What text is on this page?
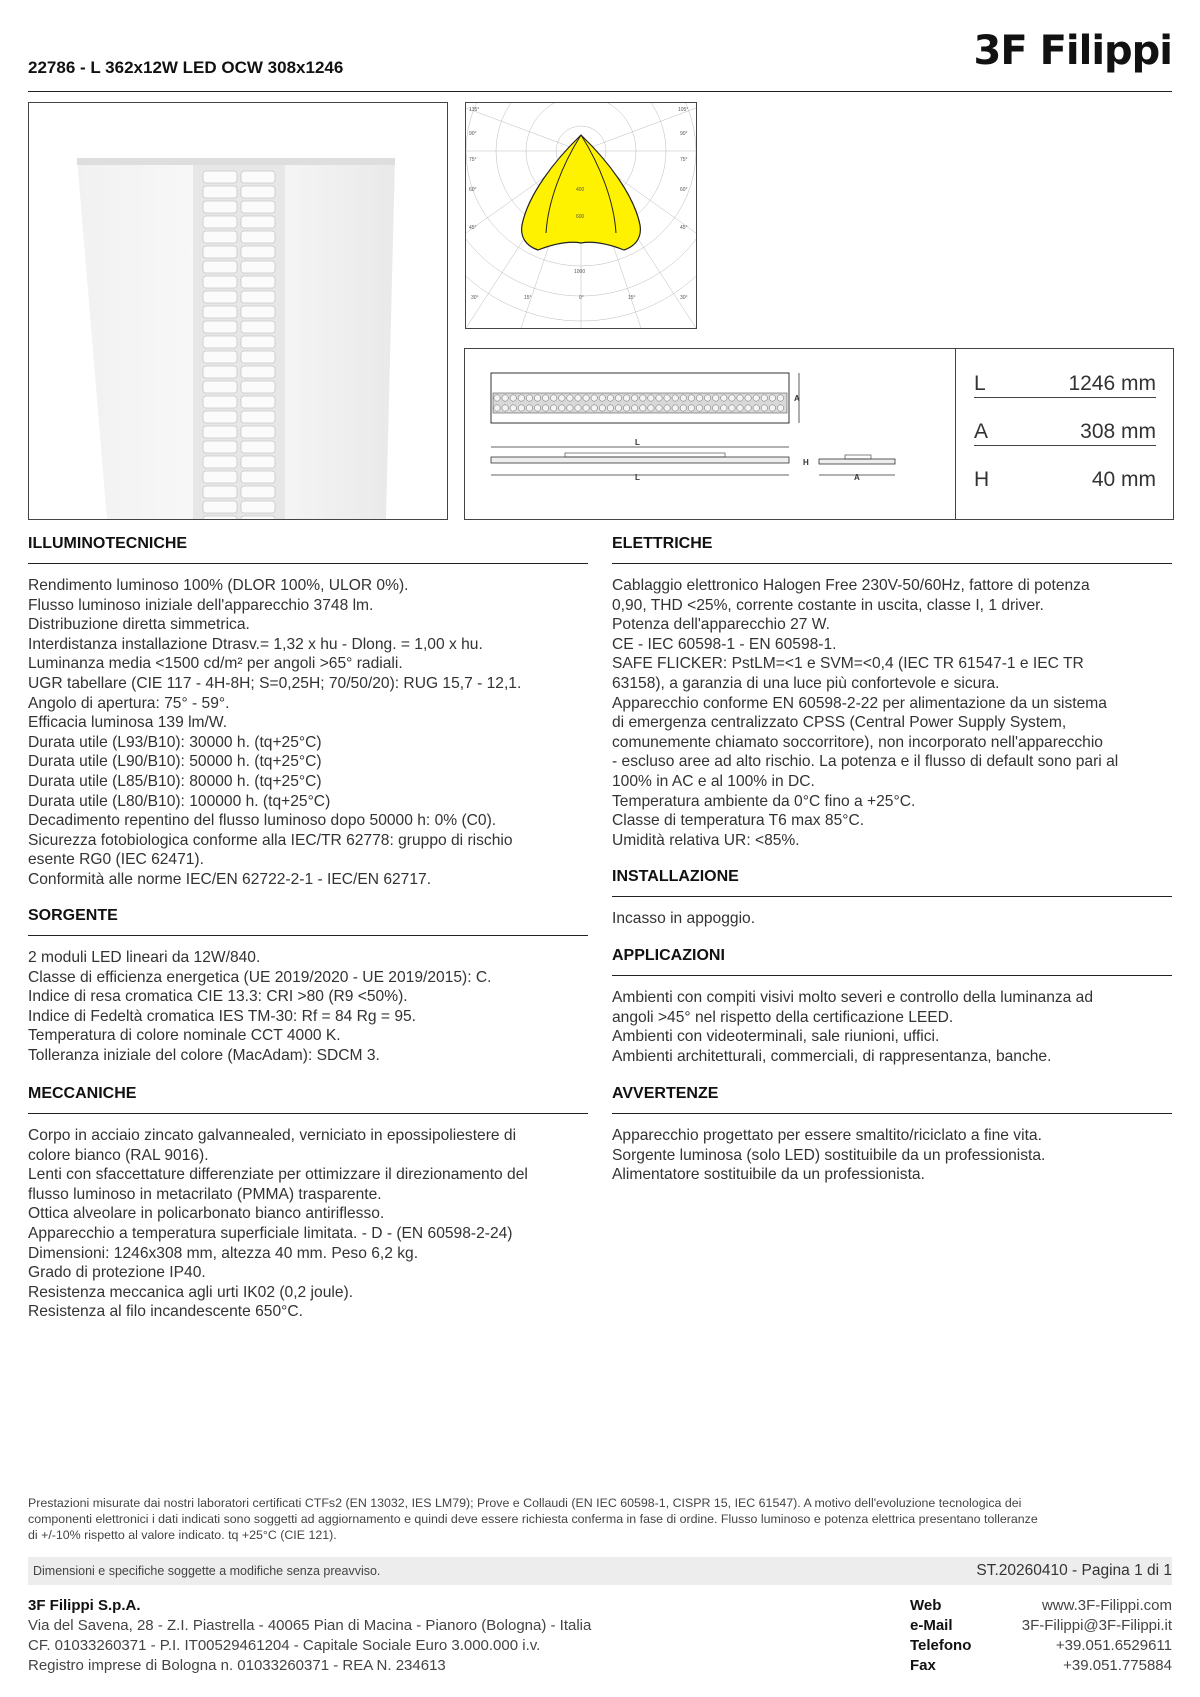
22786 - L 362x12W LED OCW 308x1246	3F Filippi
135°	105°
90°	90°
75°	75°
60°	60°
45°	45°
400
600
1000
30°	15°	0°	15°	30°
A
L
L
H
A
L	1246 mm
A	308 mm
H	40 mm
ILLUMINOTECNICHE
Rendimento luminoso 100% (DLOR 100%, ULOR 0%).
Flusso luminoso iniziale dell'apparecchio 3748 lm.
Distribuzione diretta simmetrica.
Interdistanza installazione Dtrasv.= 1,32 x hu - Dlong. = 1,00 x hu.
Luminanza media <1500 cd/m² per angoli >65° radiali.
UGR tabellare (CIE 117 - 4H-8H; S=0,25H; 70/50/20): RUG 15,7 - 12,1.
Angolo di apertura: 75° - 59°.
Efficacia luminosa 139 lm/W.
Durata utile (L93/B10): 30000 h. (tq+25°C)
Durata utile (L90/B10): 50000 h. (tq+25°C)
Durata utile (L85/B10): 80000 h. (tq+25°C)
Durata utile (L80/B10): 100000 h. (tq+25°C)
Decadimento repentino del flusso luminoso dopo 50000 h: 0% (C0).
Sicurezza fotobiologica conforme alla IEC/TR 62778: gruppo di rischio
esente RG0 (IEC 62471).
Conformità alle norme IEC/EN 62722-2-1 - IEC/EN 62717.
SORGENTE
2 moduli LED lineari da 12W/840.
Classe di efficienza energetica (UE 2019/2020 - UE 2019/2015): C.
Indice di resa cromatica CIE 13.3: CRI >80 (R9 <50%).
Indice di Fedeltà cromatica IES TM-30: Rf = 84 Rg = 95.
Temperatura di colore nominale CCT 4000 K.
Tolleranza iniziale del colore (MacAdam): SDCM 3.
MECCANICHE
Corpo in acciaio zincato galvannealed, verniciato in epossipoliestere di
colore bianco (RAL 9016).
Lenti con sfaccettature differenziate per ottimizzare il direzionamento del
flusso luminoso in metacrilato (PMMA) trasparente.
Ottica alveolare in policarbonato bianco antiriflesso.
Apparecchio a temperatura superficiale limitata. - D - (EN 60598-2-24)
Dimensioni: 1246x308 mm, altezza 40 mm. Peso 6,2 kg.
Grado di protezione IP40.
Resistenza meccanica agli urti IK02 (0,2 joule).
Resistenza al filo incandescente 650°C.
ELETTRICHE
Cablaggio elettronico Halogen Free 230V-50/60Hz, fattore di potenza
0,90, THD <25%, corrente costante in uscita, classe I, 1 driver.
Potenza dell'apparecchio 27 W.
CE - IEC 60598-1 - EN 60598-1.
SAFE FLICKER: PstLM=<1 e SVM=<0,4 (IEC TR 61547-1 e IEC TR
63158), a garanzia di una luce più confortevole e sicura.
Apparecchio conforme EN 60598-2-22 per alimentazione da un sistema
di emergenza centralizzato CPSS (Central Power Supply System,
comunemente chiamato soccorritore), non incorporato nell'apparecchio
- escluso aree ad alto rischio. La potenza e il flusso di default sono pari al
100% in AC e al 100% in DC.
Temperatura ambiente da 0°C fino a +25°C.
Classe di temperatura T6 max 85°C.
Umidità relativa UR: <85%.
INSTALLAZIONE
Incasso in appoggio.
APPLICAZIONI
Ambienti con compiti visivi molto severi e controllo della luminanza ad
angoli >45° nel rispetto della certificazione LEED.
Ambienti con videoterminali, sale riunioni, uffici.
Ambienti architetturali, commerciali, di rappresentanza, banche.
AVVERTENZE
Apparecchio progettato per essere smaltito/riciclato a fine vita.
Sorgente luminosa (solo LED) sostituibile da un professionista.
Alimentatore sostituibile da un professionista.
Prestazioni misurate dai nostri laboratori certificati CTFs2 (EN 13032, IES LM79); Prove e Collaudi (EN IEC 60598-1, CISPR 15, IEC 61547). A motivo dell'evoluzione tecnologica dei
componenti elettronici i dati indicati sono soggetti ad aggiornamento e quindi deve essere richiesta conferma in fase di ordine. Flusso luminoso e potenza elettrica presentano tolleranze
di +/-10% rispetto al valore indicato. tq +25°C (CIE 121).
Dimensioni e specifiche soggette a modifiche senza preavviso.	ST.20260410 - Pagina 1 di 1
3F Filippi S.p.A.
Via del Savena, 28 - Z.I. Piastrella - 40065 Pian di Macina - Pianoro (Bologna) - Italia
CF. 01033260371 - P.I. IT00529461204 - Capitale Sociale Euro 3.000.000 i.v.
Registro imprese di Bologna n. 01033260371 - REA N. 234613
Web	www.3F-Filippi.com
e-Mail	3F-Filippi@3F-Filippi.it
Telefono	+39.051.6529611
Fax	+39.051.775884
